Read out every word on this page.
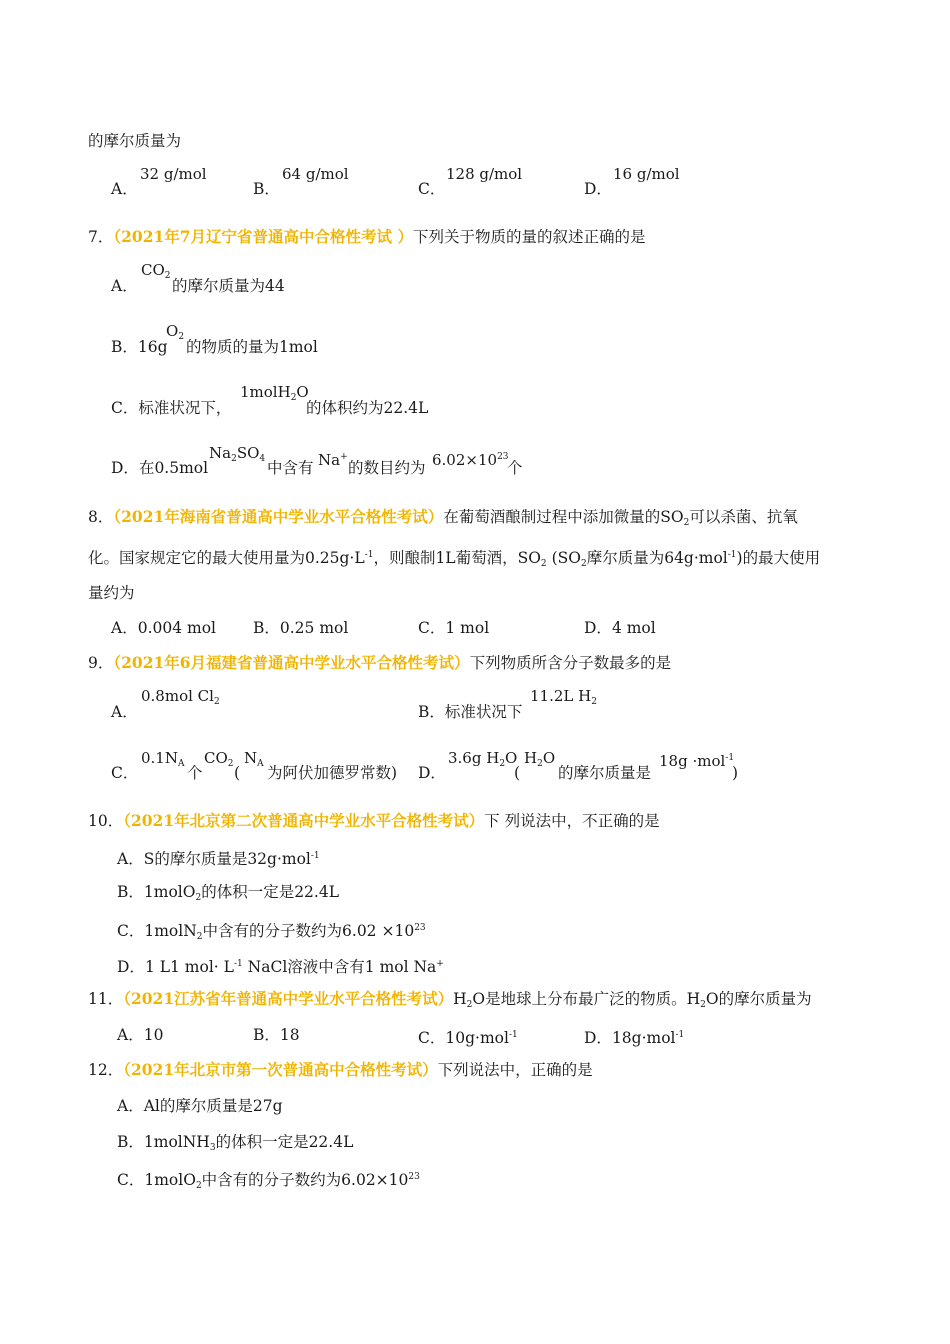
的摩尔质量为
A．
32 g/mol
B．
64 g/mol
C．
128 g/mol
D．
16 g/mol
7．（2021年7月辽宁省普通高中合格性考试 ）下列关于物质的量的叙述正确的是
A．
$CO_2$
的摩尔质量为44
B．16g
$O_2$
的物质的量为1mol
C．标准状况下，
1molH$_2$O
的体积约为22.4L
D．在0.5mol
$Na_2SO_4$ 中含有 Na+
的数目约为 $6.02\times 10^{23}$
个
8．（2021年海南省普通高中学业水平合格性考试）在葡萄酒酿制过程中添加微量的$SO_2$可以杀菌、抗氧
化。国家规定它的最大使用量为$0.25g\cdot L^{-1}$，则酿制1L葡萄酒，$SO_2$ ($SO_2$摩尔质量为64g·mol$^{-1}$)的最大使用
量约为
A．0.004 mol B．0.25 mol	C．1 mol	D．4 mol
9．（2021年6月福建省普通高中学业水平合格性考试）下列物质所含分子数最多的是
A．
0.8mol $Cl_2$
B．标准状况下
11.2L $H_2$
C．
$0.1N_A$ 个
$CO_2$ (
$N_A$ 为阿伏加德罗常数) D．
3.6g $H_2O$
(
$H_2O$
的摩尔质量是
18g ·mol$^{-1}$
)
10．（2021年北京第二次普通高中学业水平合格性考试）下 列说法中，不正确的是
A．S的摩尔质量是32g·mol$^{-1}$
B．1molO$_2$的体积一定是22.4L
C．1molN$_2$中含有的分子数约为$6.02 \times 10^{23}$
D．1 L1 $mol\cdot L^{-1}$ NaCl溶液中含有1 mol Na+
11．（2021江苏省年普通高中学业水平合格性考试）$H_2O$是地球上分布最广泛的物质。$H_2O$的摩尔质量为
A．10	B．18	C．10g·mol$^{-1}$	D．18g·mol$^{-1}$
12．（2021年北京市第一次普通高中合格性考试）下列说法中，正确的是
A．Al的摩尔质量是27g
B．1molNH$_3$的体积一定是22.4L
C．1molO$_2$中含有的分子数约为$6.02\times 10^{23}$
